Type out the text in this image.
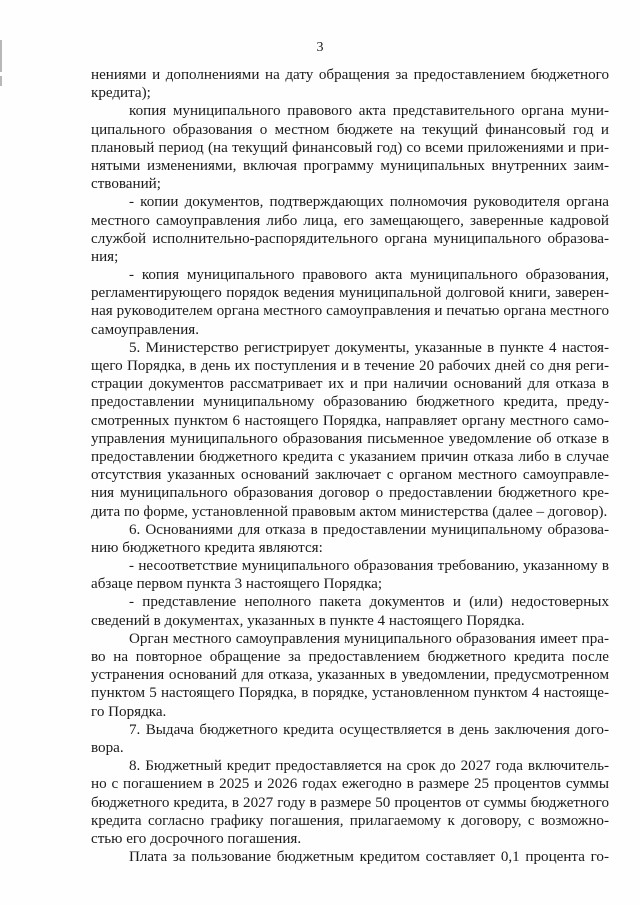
3
нениями и дополнениями на дату обращения за предоставлением бюджетного
кредита);
копия муниципального правового акта представительного органа муни-
ципального образования о местном бюджете на текущий финансовый год и
плановый период (на текущий финансовый год) со всеми приложениями и при-
нятыми изменениями, включая программу муниципальных внутренних заим-
ствований;
- копии документов, подтверждающих полномочия руководителя органа
местного самоуправления либо лица, его замещающего, заверенные кадровой
службой исполнительно-распорядительного органа муниципального образова-
ния;
- копия муниципального правового акта муниципального образования,
регламентирующего порядок ведения муниципальной долговой книги, заверен-
ная руководителем органа местного самоуправления и печатью органа местного
самоуправления.
5. Министерство регистрирует документы, указанные в пункте 4 настоя-
щего Порядка, в день их поступления и в течение 20 рабочих дней со дня реги-
страции документов рассматривает их и при наличии оснований для отказа в
предоставлении муниципальному образованию бюджетного кредита, преду-
смотренных пунктом 6 настоящего Порядка, направляет органу местного само-
управления муниципального образования письменное уведомление об отказе в
предоставлении бюджетного кредита с указанием причин отказа либо в случае
отсутствия указанных оснований заключает с органом местного самоуправле-
ния муниципального образования договор о предоставлении бюджетного кре-
дита по форме, установленной правовым актом министерства (далее – договор).
6. Основаниями для отказа в предоставлении муниципальному образова-
нию бюджетного кредита являются:
- несоответствие муниципального образования требованию, указанному в
абзаце первом пункта 3 настоящего Порядка;
- представление неполного пакета документов и (или) недостоверных
сведений в документах, указанных в пункте 4 настоящего Порядка.
Орган местного самоуправления муниципального образования имеет пра-
во на повторное обращение за предоставлением бюджетного кредита после
устранения оснований для отказа, указанных в уведомлении, предусмотренном
пунктом 5 настоящего Порядка, в порядке, установленном пунктом 4 настояще-
го Порядка.
7. Выдача бюджетного кредита осуществляется в день заключения дого-
вора.
8. Бюджетный кредит предоставляется на срок до 2027 года включитель-
но с погашением в 2025 и 2026 годах ежегодно в размере 25 процентов суммы
бюджетного кредита, в 2027 году в размере 50 процентов от суммы бюджетного
кредита согласно графику погашения, прилагаемому к договору, с возможно-
стью его досрочного погашения.
Плата за пользование бюджетным кредитом составляет 0,1 процента го-
